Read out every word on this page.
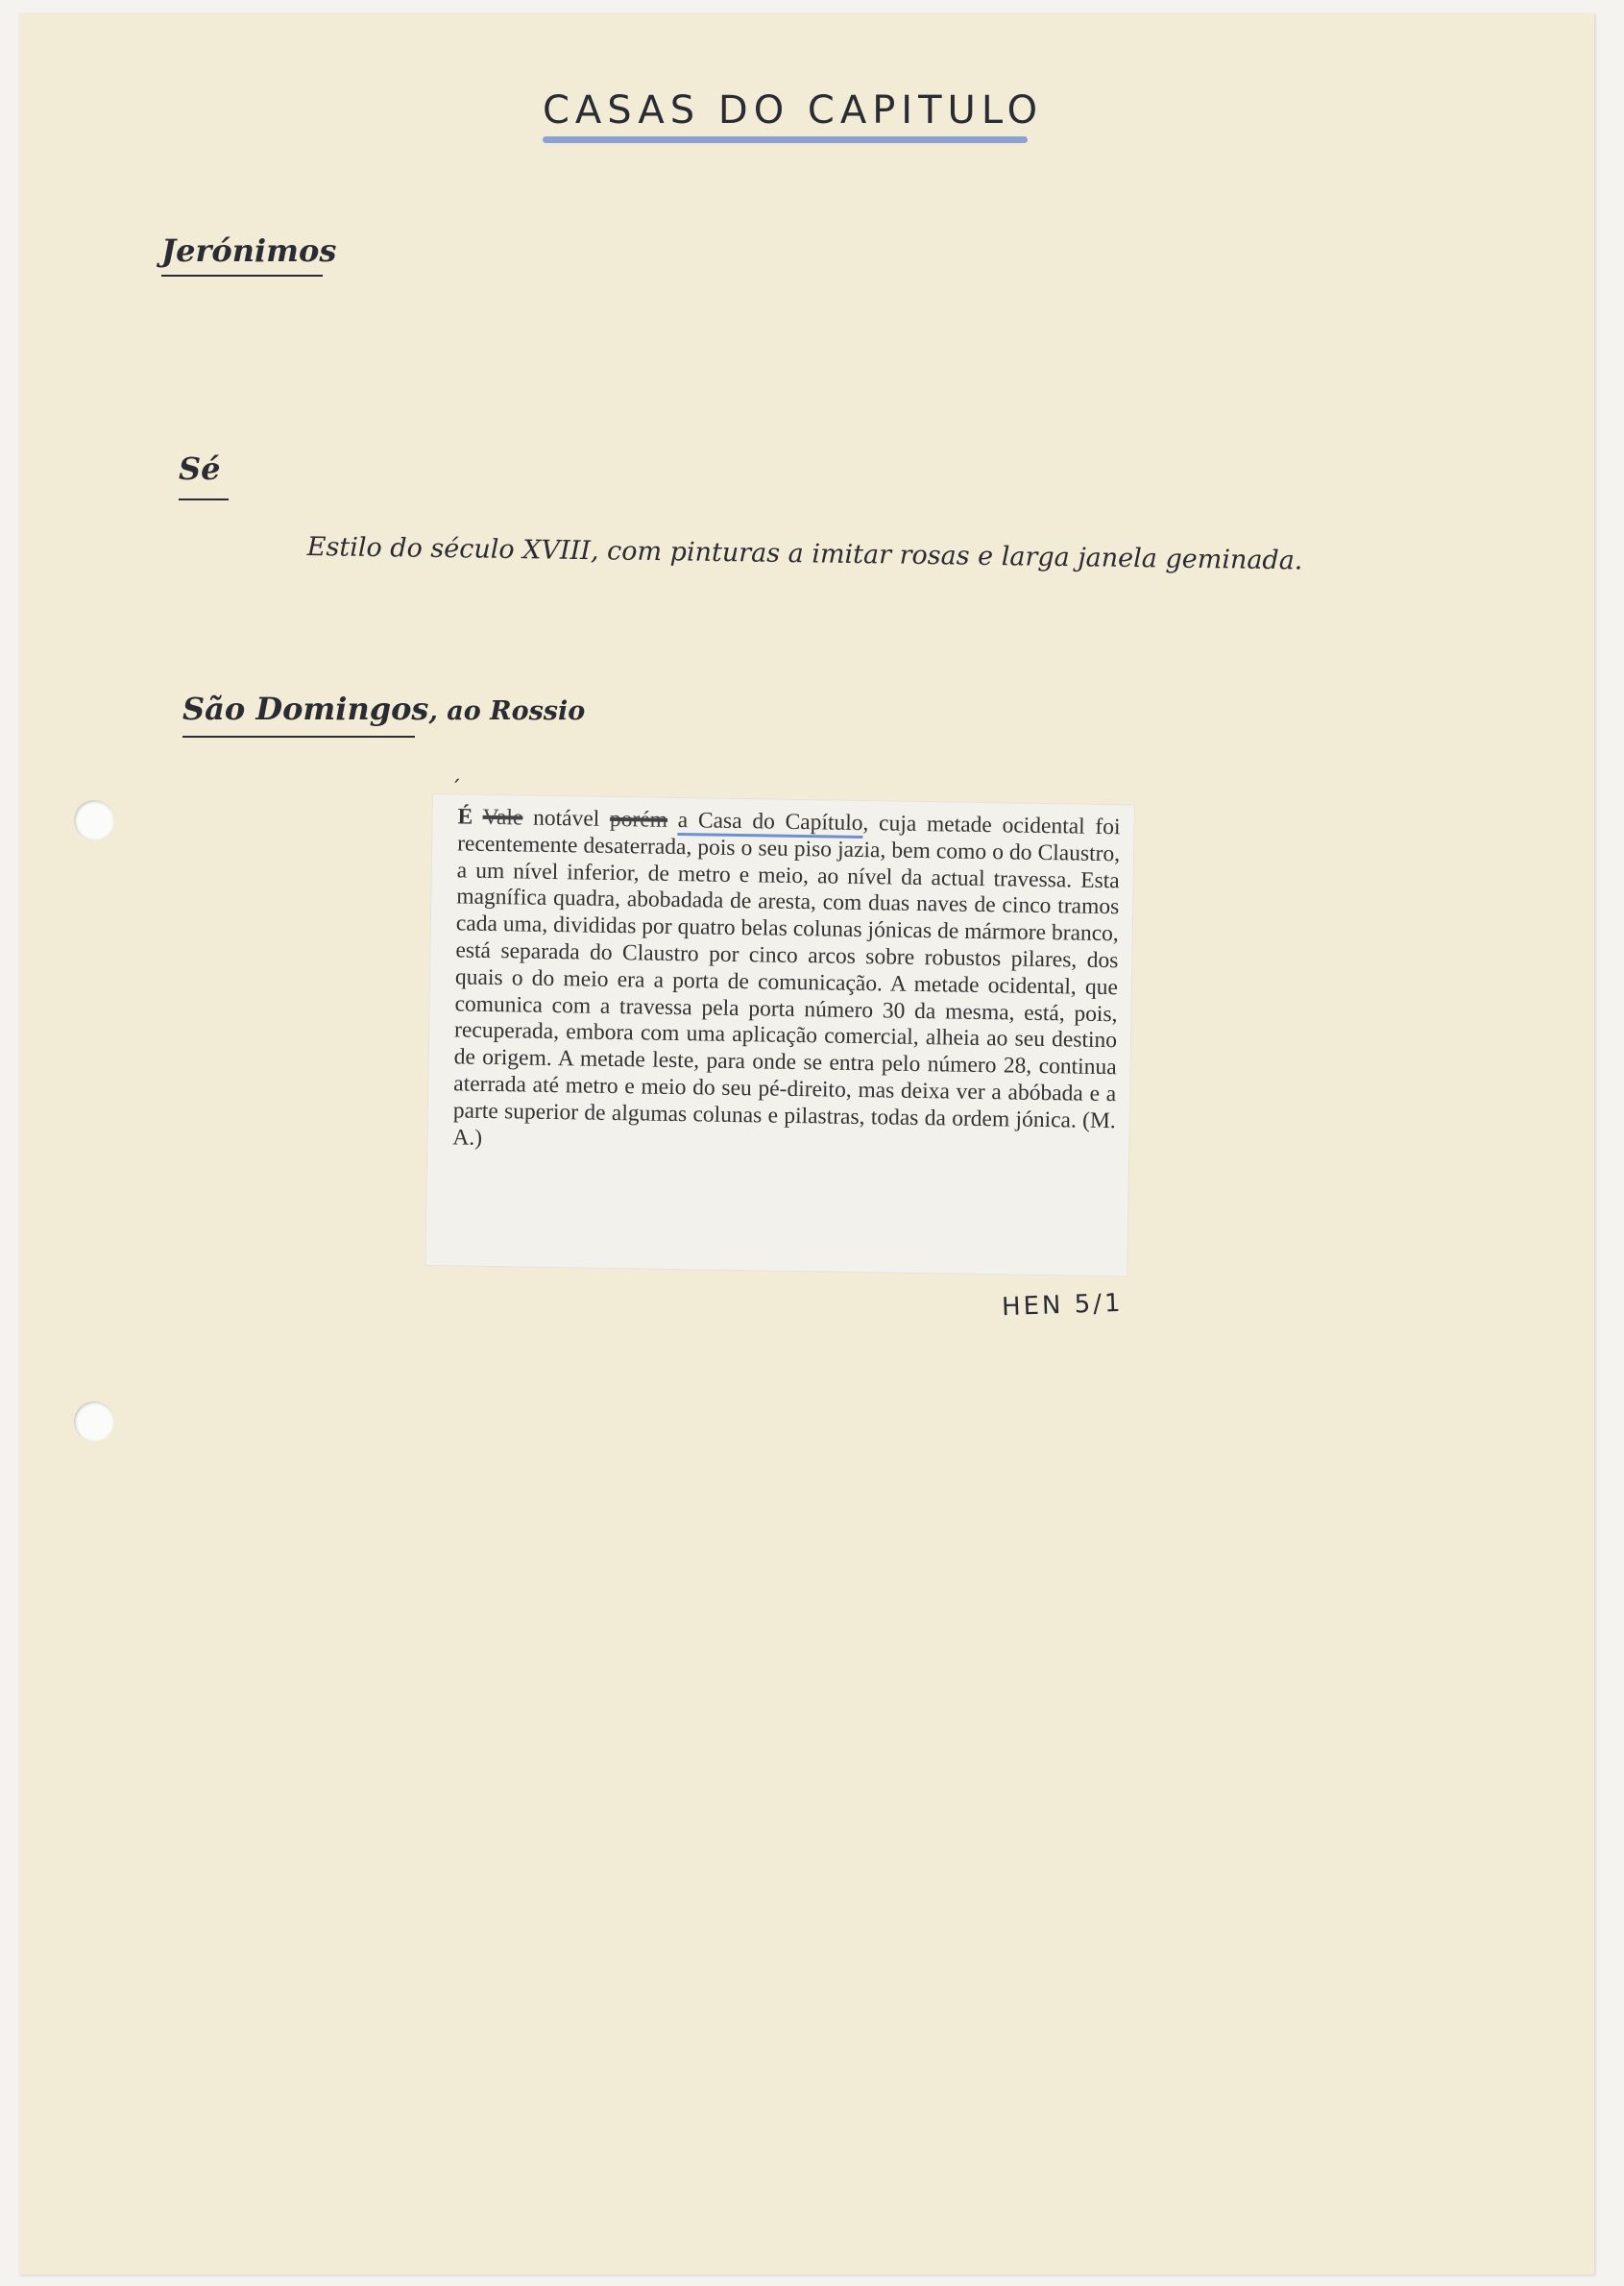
CASAS DO CAPITULO
Jerónimos
Sé

Estilo do século XVIII, com pinturas a imitar rosas e larga janela geminada.

São Domingos, ao Rossio
´

É Vale notável porém a Casa do Capítulo, cuja metade ocidental foi recentemente desaterrada, pois o seu piso jazia, bem como o do Claustro, a um nível inferior, de metro e meio, ao nível da actual travessa. Esta magnífica quadra, abobadada de aresta, com duas naves de cinco tramos cada uma, divididas por quatro belas colunas jónicas de mármore branco, está separada do Claustro por cinco arcos sobre robustos pilares, dos quais o do meio era a porta de comunicação. A metade ocidental, que comunica com a travessa pela porta número 30 da mesma, está, pois, recuperada, embora com uma aplicação comercial, alheia ao seu destino de origem. A metade leste, para onde se entra pelo número 28, continua aterrada até metro e meio do seu pé-direito, mas deixa ver a abóbada e a parte superior de algumas colunas e pilastras, todas da ordem jónica. (M. A.)

HEN 5/1
